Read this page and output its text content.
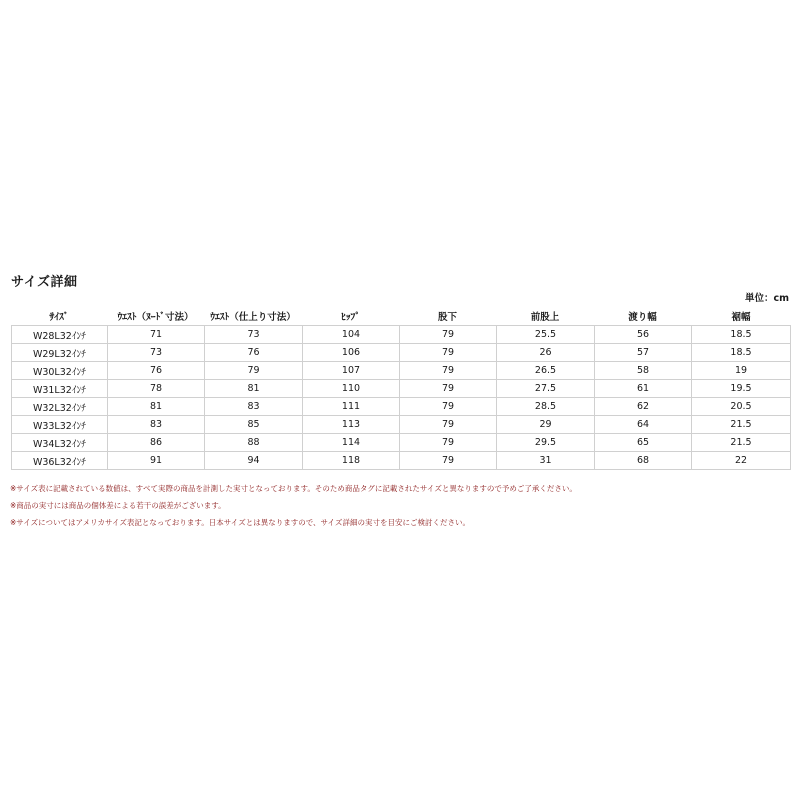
サイズ詳細
単位：cm
ｻｲｽﾞ	ｳｴｽﾄ（ﾇｰﾄﾞ寸法）	ｳｴｽﾄ（仕上り寸法）	ﾋｯﾌﾟ	股下	前股上	渡り幅	裾幅
W28L32ｲﾝﾁ	71	73	104	79	25.5	56	18.5
W29L32ｲﾝﾁ	73	76	106	79	26	57	18.5
W30L32ｲﾝﾁ	76	79	107	79	26.5	58	19
W31L32ｲﾝﾁ	78	81	110	79	27.5	61	19.5
W32L32ｲﾝﾁ	81	83	111	79	28.5	62	20.5
W33L32ｲﾝﾁ	83	85	113	79	29	64	21.5
W34L32ｲﾝﾁ	86	88	114	79	29.5	65	21.5
W36L32ｲﾝﾁ	91	94	118	79	31	68	22

※サイズ表に記載されている数値は、すべて実際の商品を計測した実寸となっております。そのため商品タグに記載されたサイズと異なりますので予めご了承ください。

※商品の実寸には商品の個体差による若干の誤差がございます。

※サイズについてはアメリカサイズ表記となっております。日本サイズとは異なりますので、サイズ詳細の実寸を目安にご検討ください。
